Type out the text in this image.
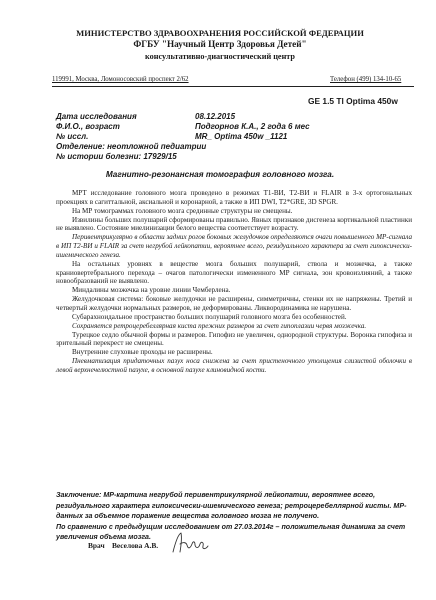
МИНИСТЕРСТВО ЗДРАВООХРАНЕНИЯ РОССИЙСКОЙ ФЕДЕРАЦИИ
ФГБУ "Научный Центр Здоровья Детей"
консультативно-диагностический центр
119991, Москва, Ломоносовский проспект 2/62	Телефон (499) 134-10-65
GE 1.5 Tl Optima 450w
Дата исследования	08.12.2015
Ф.И.О., возраст	Подгорнов К.А., 2 года 6 мес
№ иссл.	MR_ Optima 450w _1121
Отделение: неотложной педиатрии
№ истории болезни: 17929/15
Магнитно-резонансная томография головного мозга.

МРТ исследование головного мозга проведено в режимах Т1-ВИ, Т2-ВИ и FLAIR в 3-х ортогональных проекциях в сагиттальной, аксиальной и коронарной, а также в ИП DWI, T2*GRE, 3D SPGR.

На МР томограммах головного мозга срединные структуры не смещены.

Извилины больших полушарий сформированы правильно. Явных признаков дисгенеза кортикальной пластинки не выявлено. Состояние миелинизации белого вещества соответствует возрасту.

Перивентрикулярно в области задних рогов боковых желудочков определяются очаги повышенного МР-сигнала в ИП Т2-ВИ и FLAIR за счет негрубой лейкопатии, вероятнее всего, резидуального характера за счет гипоксически-ишемического генеза.

На остальных уровнях в веществе мозга больших полушарий, ствола и мозжечка, а также краниовертебрального перехода – очагов патологически измененного МР сигнала, зон кровоизлияний, а также новообразований не выявлено.

Миндалины мозжечка на уровне линии Чемберлена.

Желудочковая система: боковые желудочки не расширены, симметричны, стенки их не напряжены. Третий и четвертый желудочки нормальных размеров, не деформированы. Ликвородинамика не нарушена.

Субарахноидальное пространство больших полушарий головного мозга без особенностей.

Сохраняется ретроцеребеллярная киста прежних размеров за счет гипоплазии червя мозжечка.

Турецкое седло обычной формы и размеров. Гипофиз не увеличен, однородной структуры. Воронка гипофиза и зрительный перекрест не смещены.

Внутренние слуховые проходы не расширены.

Пневматизация придаточных пазух носа снижена за счет пристеночного утолщения слизистой оболочки в левой верхнечелюстной пазухе, в основной пазухе клиновидной кости.

Заключение: МР-картина негрубой перивентрикулярной лейкопатии, вероятнее всего, резидуального характера гипоксически-ишемического генеза; ретроцеребеллярной кисты. МР-данных за объемное поражение вещества головного мозга не получено.

По сравнению с предыдущим исследованием от 27.03.2014г – положительная динамика за счет увеличения объема мозга.

Врач    Веселова А.В.
